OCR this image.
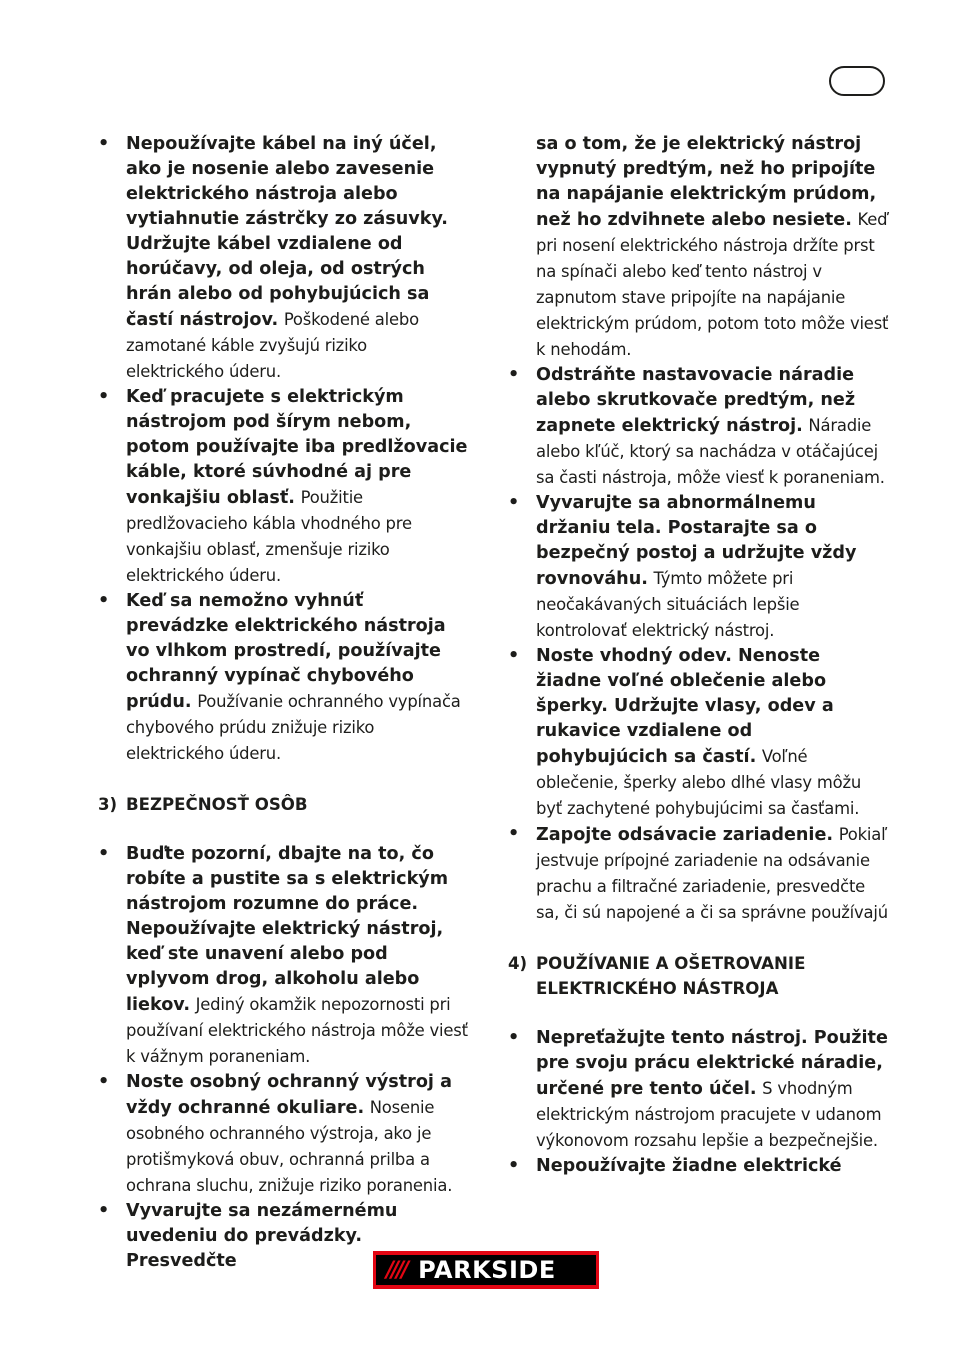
• Nepoužívajte kábel na iný účel, ako je nosenie alebo zavesenie elektrického nástroja alebo vytiahnutie zástrčky zo zásuvky. Udržujte kábel vzdialene od horúčavy, od oleja, od ostrých hrán alebo od pohybujúcich sa častí nástrojov. Poškodené alebo zamotané káble zvyšujú riziko elektrického úderu.

• Keď pracujete s elektrickým nástrojom pod šírym nebom, potom používajte iba predlžovacie káble, ktoré súvhodné aj pre vonkajšiu oblasť. Použitie predlžovacieho kábla vhodného pre vonkajšiu oblasť, zmenšuje riziko elektrického úderu.

• Keď sa nemožno vyhnúť prevádzke elektrického nástroja vo vlhkom prostredí, používajte ochranný vypínač chybového prúdu. Používanie ochranného vypínača chybového prúdu znižuje riziko elektrického úderu.

3) BEZPEČNOSŤ OSÔB

• Buďte pozorní, dbajte na to, čo robíte a pustite sa s elektrickým nástrojom rozumne do práce. Nepoužívajte elektrický nástroj, keď ste unavení alebo pod vplyvom drog, alkoholu alebo liekov. Jediný okamžik nepozornosti pri používaní elektrického nástroja môže viesť k vážnym poraneniam.

• Noste osobný ochranný výstroj a vždy ochranné okuliare. Nosenie osobného ochranného výstroja, ako je protišmyková obuv, ochranná prilba a ochrana sluchu, znižuje riziko poranenia.

• Vyvarujte sa nezámernému uvedeniu do prevádzky. Presvedčte

sa o tom, že je elektrický nástroj vypnutý predtým, než ho pripojíte na napájanie elektrickým prúdom, než ho zdvihnete alebo nesiete. Keď pri nosení elektrického nástroja držíte prst na spínači alebo keď tento nástroj v zapnutom stave pripojíte na napájanie elektrickým prúdom, potom toto môže viesť k nehodám.

• Odstráňte nastavovacie náradie alebo skrutkovače predtým, než zapnete elektrický nástroj. Náradie alebo kľúč, ktorý sa nachádza v otáčajúcej sa časti nástroja, môže viesť k poraneniam.

• Vyvarujte sa abnormálnemu držaniu tela. Postarajte sa o bezpečný postoj a udržujte vždy rovnováhu. Týmto môžete pri neočakávaných situáciách lepšie kontrolovať elektrický nástroj.

• Noste vhodný odev. Nenoste žiadne voľné oblečenie alebo šperky. Udržujte vlasy, odev a rukavice vzdialene od pohybujúcich sa častí. Voľné oblečenie, šperky alebo dlhé vlasy môžu byť zachytené pohybujúcimi sa časťami.

• Zapojte odsávacie zariadenie. Pokiaľ jestvuje prípojné zariadenie na odsávanie prachu a filtračné zariadenie, presvedčte sa, či sú napojené a či sa správne používajú

4) POUŽÍVANIE A OŠETROVANIE ELEKTRICKÉHO NÁSTROJA

• Nepreťažujte tento nástroj. Použite pre svoju prácu elektrické náradie, určené pre tento účel. S vhodným elektrickým nástrojom pracujete v udanom výkonovom rozsahu lepšie a bezpečnejšie.

• Nepoužívajte žiadne elektrické

//// PARKSIDE
